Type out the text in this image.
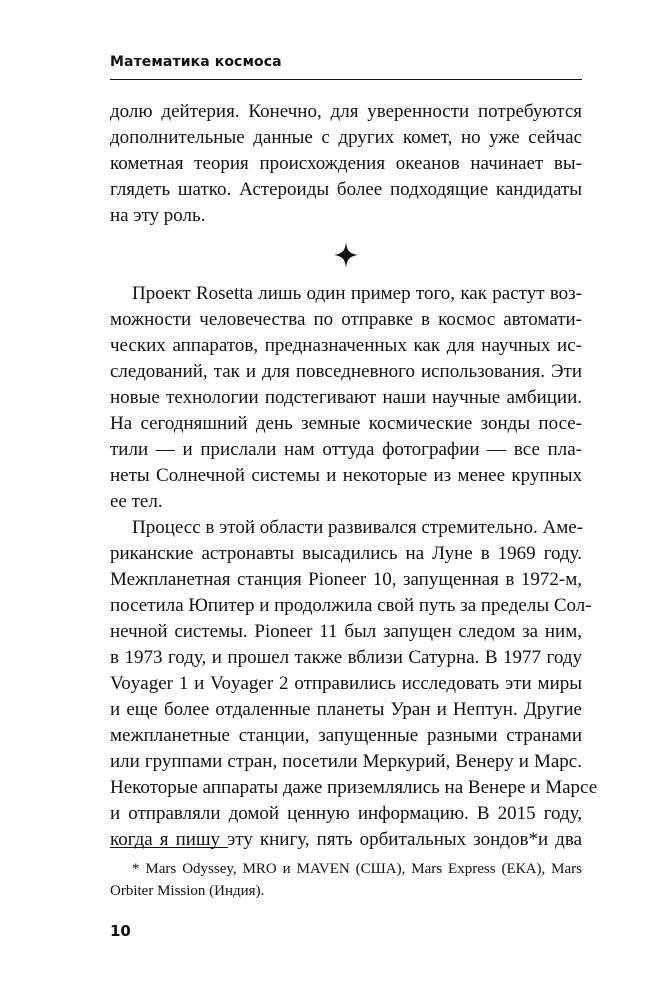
Математика космоса
долю дейтерия. Конечно, для уверенности потребуются
дополнительные данные с других комет, но уже сейчас
кометная теория происхождения океанов начинает вы-
глядеть шатко. Астероиды более подходящие кандидаты
на эту роль.
Проект Rosetta лишь один пример того, как растут воз-
можности человечества по отправке в космос автомати-
ческих аппаратов, предназначенных как для научных ис-
следований, так и для повседневного использования. Эти
новые технологии подстегивают наши научные амбиции.
На сегодняшний день земные космические зонды посе-
тили — и прислали нам оттуда фотографии — все пла-
неты Солнечной системы и некоторые из менее крупных
ее тел.
Процесс в этой области развивался стремительно. Аме-
риканские астронавты высадились на Луне в 1969 году.
Межпланетная станция Pioneer 10, запущенная в 1972-м,
посетила Юпитер и продолжила свой путь за пределы Сол-
нечной системы. Pioneer 11 был запущен следом за ним,
в 1973 году, и прошел также вблизи Сатурна. В 1977 году
Voyager 1 и Voyager 2 отправились исследовать эти миры
и еще более отдаленные планеты Уран и Нептун. Другие
межпланетные станции, запущенные разными странами
или группами стран, посетили Меркурий, Венеру и Марс.
Некоторые аппараты даже приземлялись на Венере и Марсе
и отправляли домой ценную информацию. В 2015 году,
когда я пишу эту книгу, пять орбитальных зондов*и два
* Mars Odyssey, MRO и MAVEN (США), Mars Express (ЕКА), Mars
Orbiter Mission (Индия).
10
